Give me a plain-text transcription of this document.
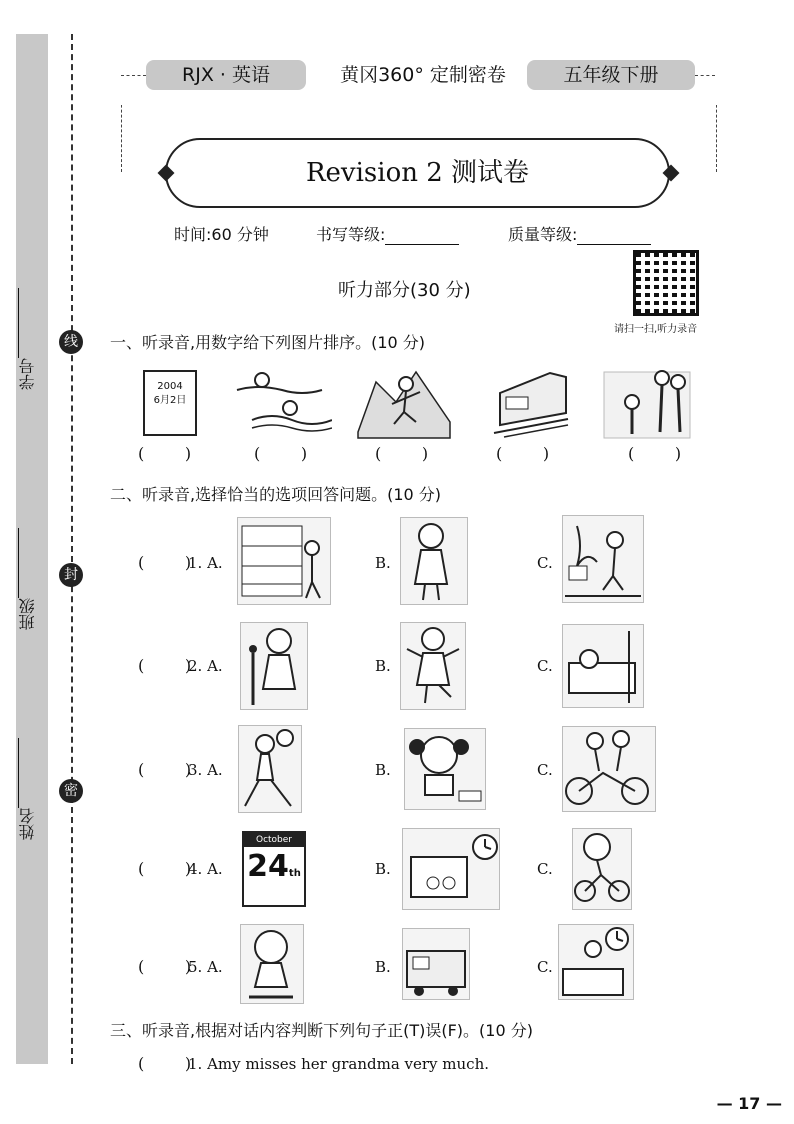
线
封
密
学号
班级
姓名
RJX · 英语	黄冈360° 定制密卷	五年级下册
Revision 2 测试卷
时间:60 分钟	书写等级:	质量等级:
听力部分(30 分)
请扫一扫,听力录音
一、听录音,用数字给下列图片排序。(10 分)
2004
6月2日
(        )	(        )	(        )	(        )	(        )
二、听录音,选择恰当的选项回答问题。(10 分)
(        )
1. A.	B.	C.
(        )
2. A.	B.	C.
(        )
3. A.	B.	C.
(        )
4. A.
October
24th	B.	C.
(        )
5. A.	B.	C.
三、听录音,根据对话内容判断下列句子正(T)误(F)。(10 分)
(        )
1. Amy misses her grandma very much.
— 17 —
